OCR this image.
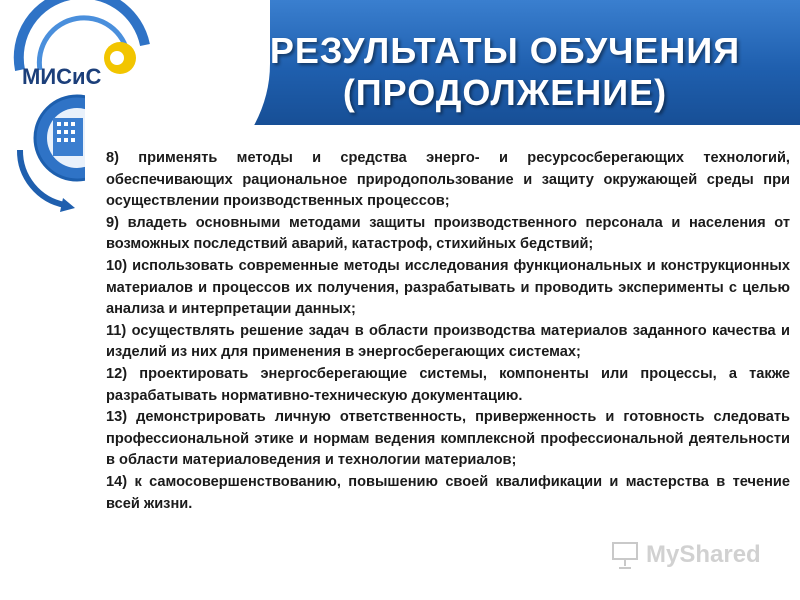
РЕЗУЛЬТАТЫ ОБУЧЕНИЯ
(ПРОДОЛЖЕНИЕ)
МИСиС

8) применять методы и средства энерго- и ресурсосберегающих технологий, обеспечивающих рациональное природопользование и защиту окружающей среды при осуществлении производственных процессов;

9) владеть основными методами защиты производственного персонала и населения от возможных последствий аварий, катастроф, стихийных бедствий;

10) использовать современные методы исследования функциональных и конструкционных материалов и процессов их получения, разрабатывать и проводить эксперименты с целью анализа и интерпретации данных;

11) осуществлять решение задач в области производства материалов заданного качества и изделий из них для применения в энергосберегающих системах;

12) проектировать энергосберегающие системы, компоненты или процессы, а также разрабатывать нормативно-техническую документацию.

13) демонстрировать личную ответственность, приверженность и готовность следовать профессиональной этике и нормам ведения комплексной профессиональной деятельности в области материаловедения и технологии материалов;

14) к самосовершенствованию, повышению своей квалификации и мастерства в течение всей жизни.

MyShared
